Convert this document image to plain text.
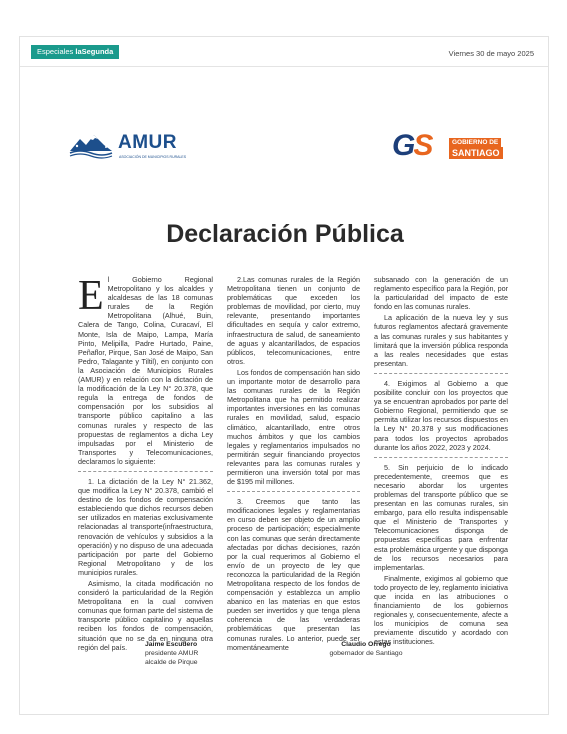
Especiales laSegunda	Viernes 30 de mayo 2025
AMUR
ASOCIACIÓN DE MUNICIPIOS RURALES	GS	GOBIERNO DE
SANTIAGO
Declaración Pública

El Gobierno Regional Metropolitano y los alcaldes y alcaldesas de las 18 comunas rurales de la Región Metropolitana (Alhué, Buin, Calera de Tango, Colina, Curacaví, El Monte, Isla de Maipo, Lampa, María Pinto, Melipilla, Padre Hurtado, Paine, Peñaflor, Pirque, San José de Maipo, San Pedro, Talagante y Tiltil), en conjunto con la Asociación de Municipios Rurales (AMUR) y en relación con la dictación de la modificación de la Ley N° 20.378, que regula la entrega de fondos de compensación por los subsidios al transporte público capitalino a las comunas rurales y respecto de las propuestas de reglamentos a dicha Ley impulsadas por el Ministerio de Transportes y Telecomunicaciones, declaramos lo siguiente:

1. La dictación de la Ley N° 21.362, que modifica la Ley N° 20.378, cambió el destino de los fondos de compensación estableciendo que dichos recursos deben ser utilizados en materias exclusivamente relacionadas al transporte(infraestructura, renovación de vehículos y subsidios a la operación) y no dispuso de una adecuada participación por parte del Gobierno Regional Metropolitano y de los municipios rurales.

Asimismo, la citada modificación no consideró la particularidad de la Región Metropolitana en la cual conviven comunas que forman parte del sistema de transporte público capitalino y aquellas reciben los fondos de compensación, situación que no se da en ninguna otra región del país.

2.Las comunas rurales de la Región Metropolitana tienen un conjunto de problemáticas que exceden los problemas de movilidad, por cierto, muy relevante, presentando importantes dificultades en sequía y calor extremo, infraestructura de salud, de saneamiento de aguas y alcantarillados, de espacios públicos, telecomunicaciones, entre otros.

Los fondos de compensación han sido un importante motor de desarrollo para las comunas rurales de la Región Metropolitana que ha permitido realizar importantes inversiones en las comunas rurales en movilidad, salud, espacio climático, alcantarillado, entre otros muchos ámbitos y que los cambios legales y reglamentarios impulsados no permitirán seguir financiando proyectos relevantes para las comunas rurales y permitieron una inversión total por mas de $195 mil millones.

3. Creemos que tanto las modificaciones legales y reglamentarias en curso deben ser objeto de un amplio proceso de participación; especialmente con las comunas que serán directamente afectadas por dichas decisiones, razón por la cual requerimos al Gobierno el envío de un proyecto de ley que reconozca la particularidad de la Región Metropolitana respecto de los fondos de compensación y establezca un amplio abanico en las materias en que estos pueden ser invertidos y que tenga plena coherencia de las verdaderas problemáticas que presentan las comunas rurales. Lo anterior, puede ser momentáneamente

subsanado con la generación de un reglamento específico para la Región, por la particularidad del impacto de este fondo en las comunas rurales.

La aplicación de la nueva ley y sus futuros reglamentos afectará gravemente a las comunas rurales y sus habitantes y limitará que la inversión pública responda a las reales necesidades que estas presentan.

4. Exigimos al Gobierno a que posibilite concluir con los proyectos que ya se encuentran aprobados por parte del Gobierno Regional, permitiendo que se permita utilizar los recursos dispuestos en la Ley N° 20.378 y sus modificaciones para todos los proyectos aprobados durante los años 2022, 2023 y 2024.

5. Sin perjuicio de lo indicado precedentemente, creemos que es necesario abordar los urgentes problemas del transporte público que se presentan en las comunas rurales, sin embargo, para ello resulta indispensable que el Ministerio de Transportes y Telecomunicaciones disponga de propuestas específicas para enfrentar esta problemática urgente y que disponga de los recursos necesarios para implementarlas.

Finalmente, exigimos al gobierno que todo proyecto de ley, reglamento iniciativa que incida en las atribuciones o financiamiento de los gobiernos regionales y, consecuentemente, afecte a los municipios de comuna sea previamente discutido y acordado con estas instituciones.

Jaime Escudero
presidente AMUR
alcalde de Pirque
Claudio Orrego
gobernador de Santiago
